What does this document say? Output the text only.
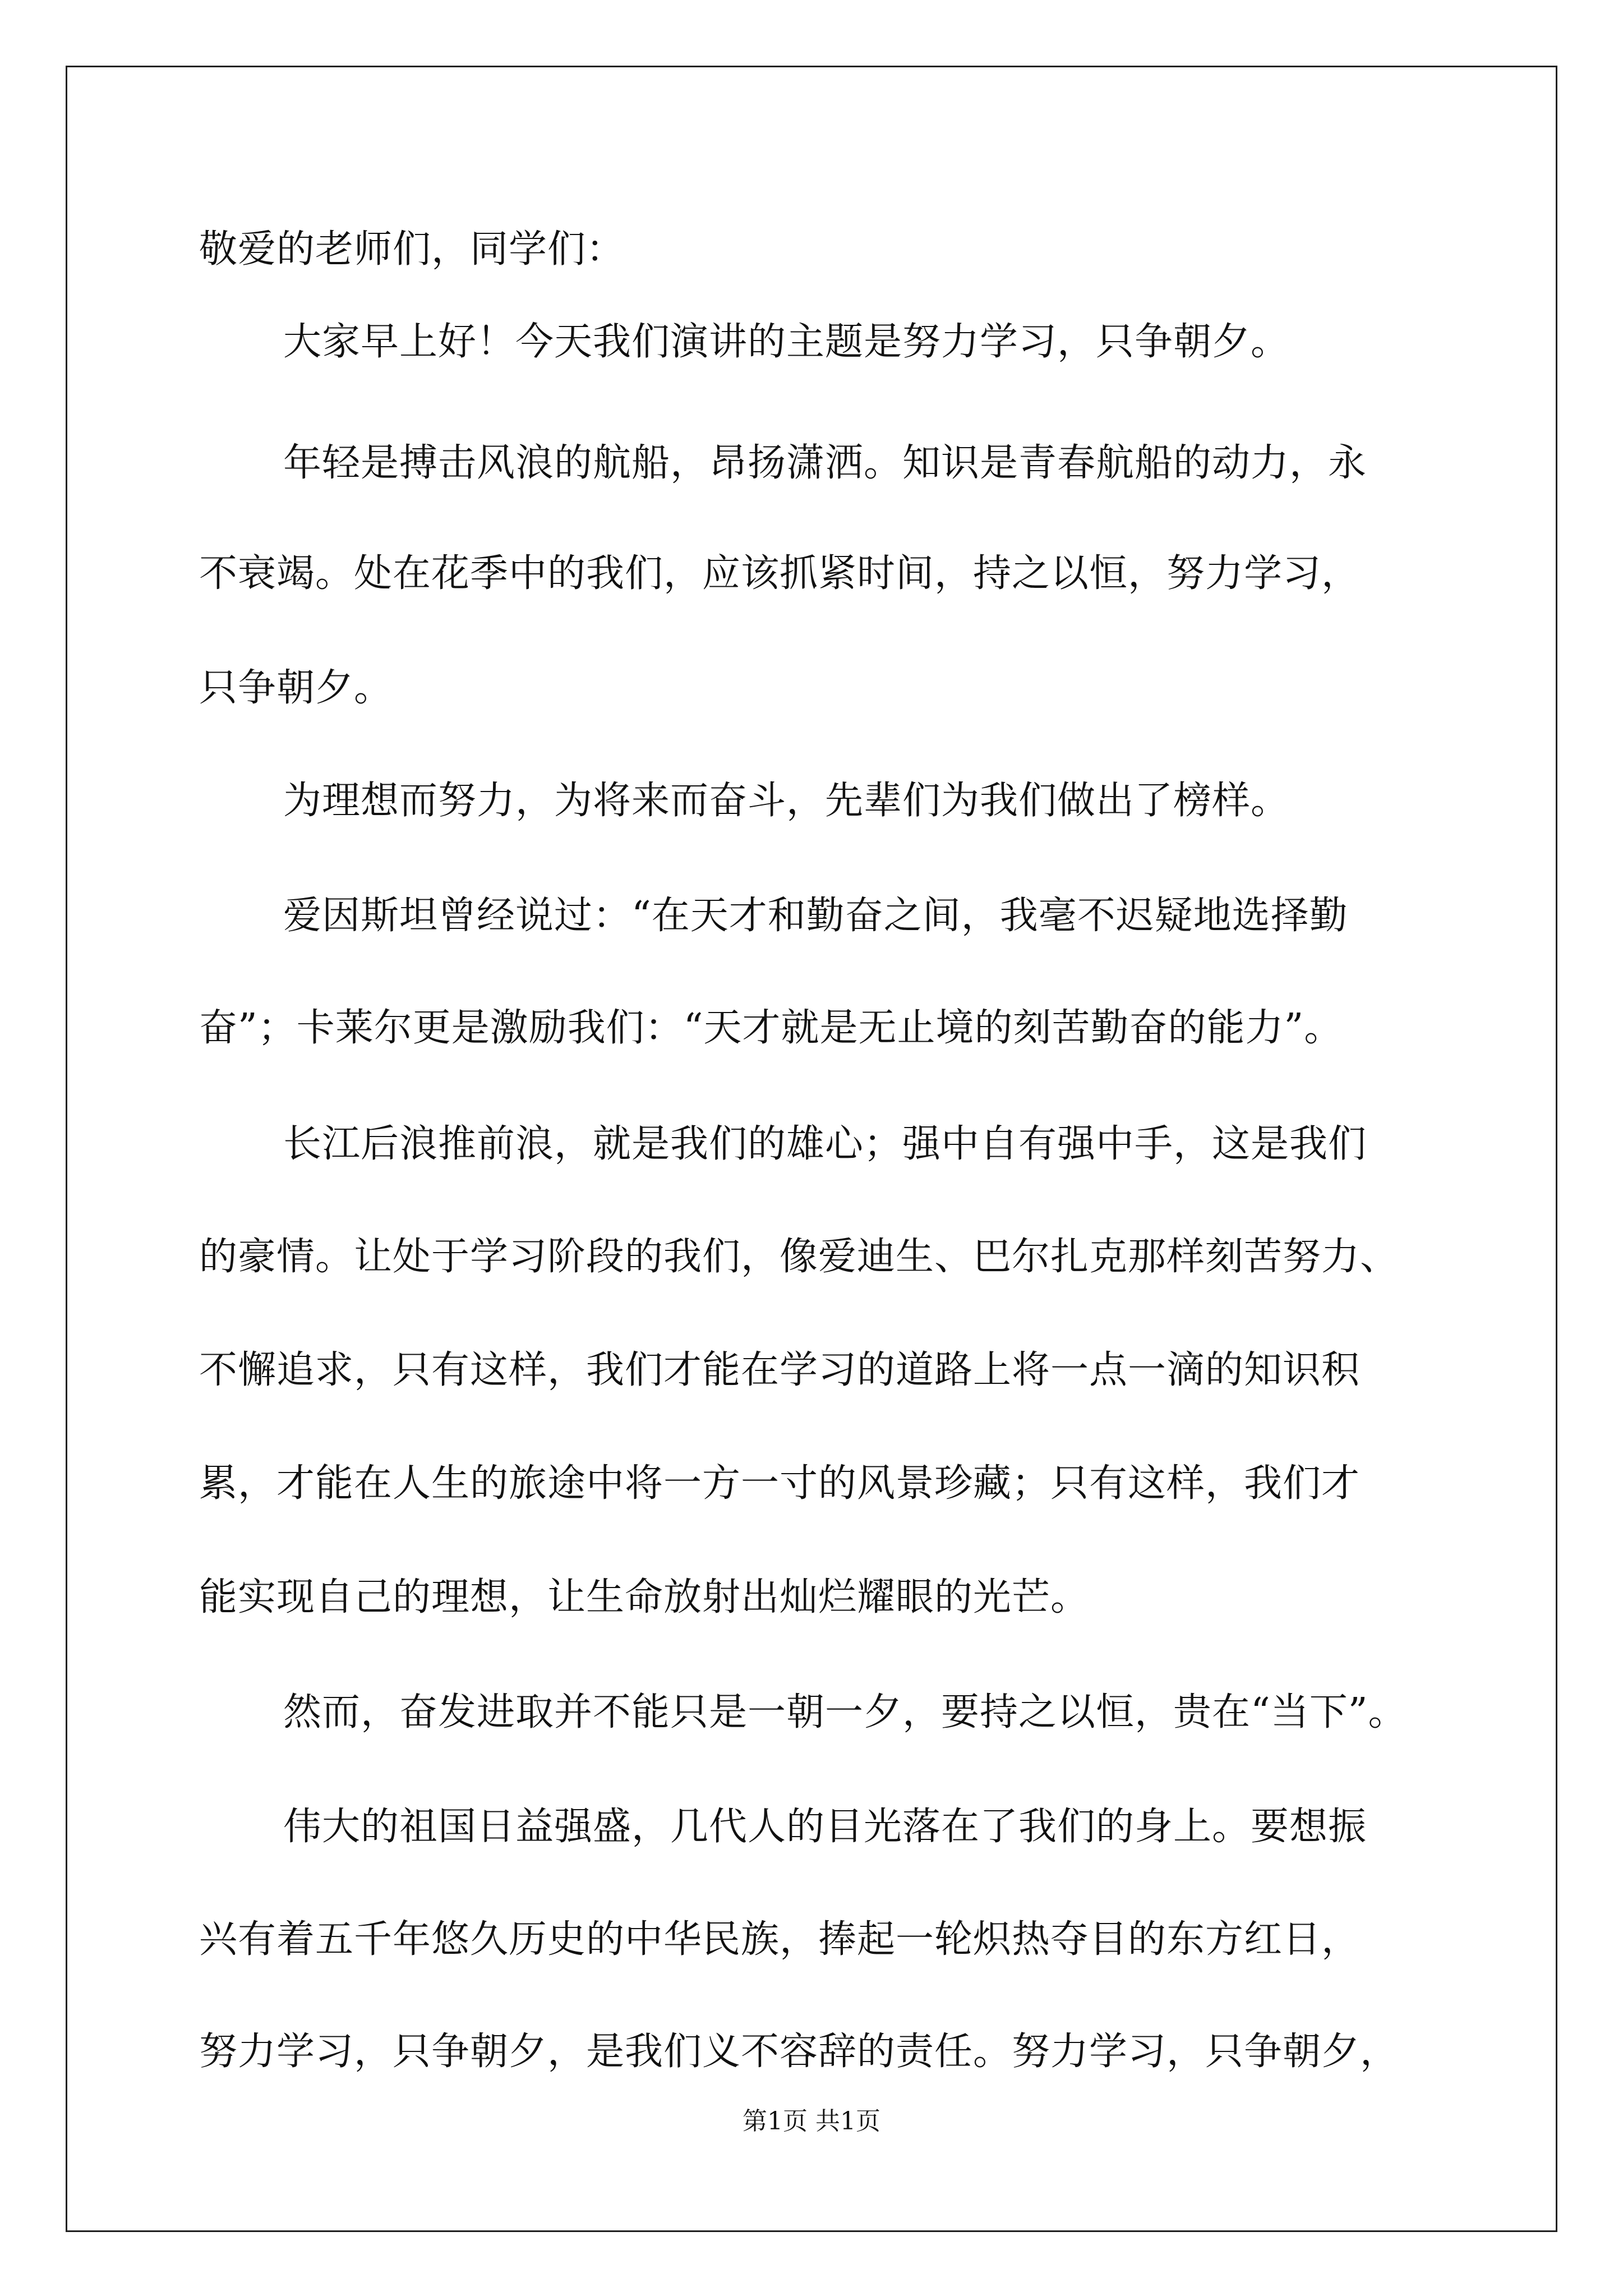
敬爱的老师们，同学们：
大家早上好！今天我们演讲的主题是努力学习，只争朝夕。
年轻是搏击风浪的航船，昂扬潇洒。知识是青春航船的动力，永
不衰竭。处在花季中的我们，应该抓紧时间，持之以恒，努力学习，
只争朝夕。
为理想而努力，为将来而奋斗，先辈们为我们做出了榜样。
爱因斯坦曾经说过：“在天才和勤奋之间，我毫不迟疑地选择勤
奋”；卡莱尔更是激励我们：“天才就是无止境的刻苦勤奋的能力”。
长江后浪推前浪，就是我们的雄心；强中自有强中手，这是我们
的豪情。让处于学习阶段的我们，像爱迪生、巴尔扎克那样刻苦努力、
不懈追求，只有这样，我们才能在学习的道路上将一点一滴的知识积
累，才能在人生的旅途中将一方一寸的风景珍藏；只有这样，我们才
能实现自己的理想，让生命放射出灿烂耀眼的光芒。
然而，奋发进取并不能只是一朝一夕，要持之以恒，贵在“当下”。
伟大的祖国日益强盛，几代人的目光落在了我们的身上。要想振
兴有着五千年悠久历史的中华民族，捧起一轮炽热夺目的东方红日，
努力学习，只争朝夕，是我们义不容辞的责任。努力学习，只争朝夕，
第1页 共1页
